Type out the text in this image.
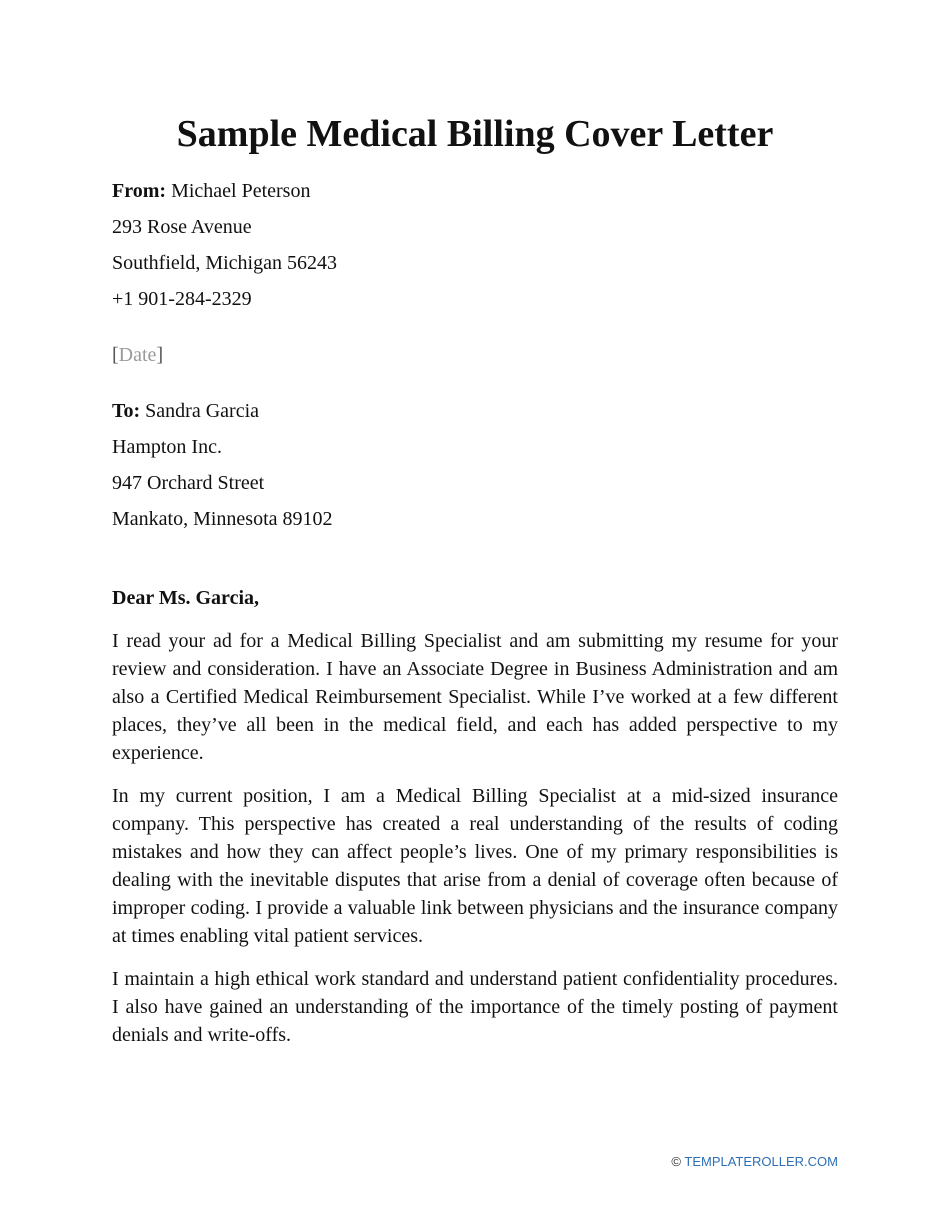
Sample Medical Billing Cover Letter
From: Michael Peterson
293 Rose Avenue
Southfield, Michigan 56243
+1 901-284-2329
[Date]
To: Sandra Garcia
Hampton Inc.
947 Orchard Street
Mankato, Minnesota 89102
Dear Ms. Garcia,

I read your ad for a Medical Billing Specialist and am submitting my resume for your review and consideration. I have an Associate Degree in Business Administration and am also a Certified Medical Reimbursement Specialist. While I’ve worked at a few different places, they’ve all been in the medical field, and each has added perspective to my experience.

In my current position, I am a Medical Billing Specialist at a mid-sized insurance company. This perspective has created a real understanding of the results of coding mistakes and how they can affect people’s lives. One of my primary responsibilities is dealing with the inevitable disputes that arise from a denial of coverage often because of improper coding. I provide a valuable link between physicians and the insurance company at times enabling vital patient services.

I maintain a high ethical work standard and understand patient confidentiality procedures. I also have gained an understanding of the importance of the timely posting of payment denials and write-offs.

© TEMPLATEROLLER.COM
